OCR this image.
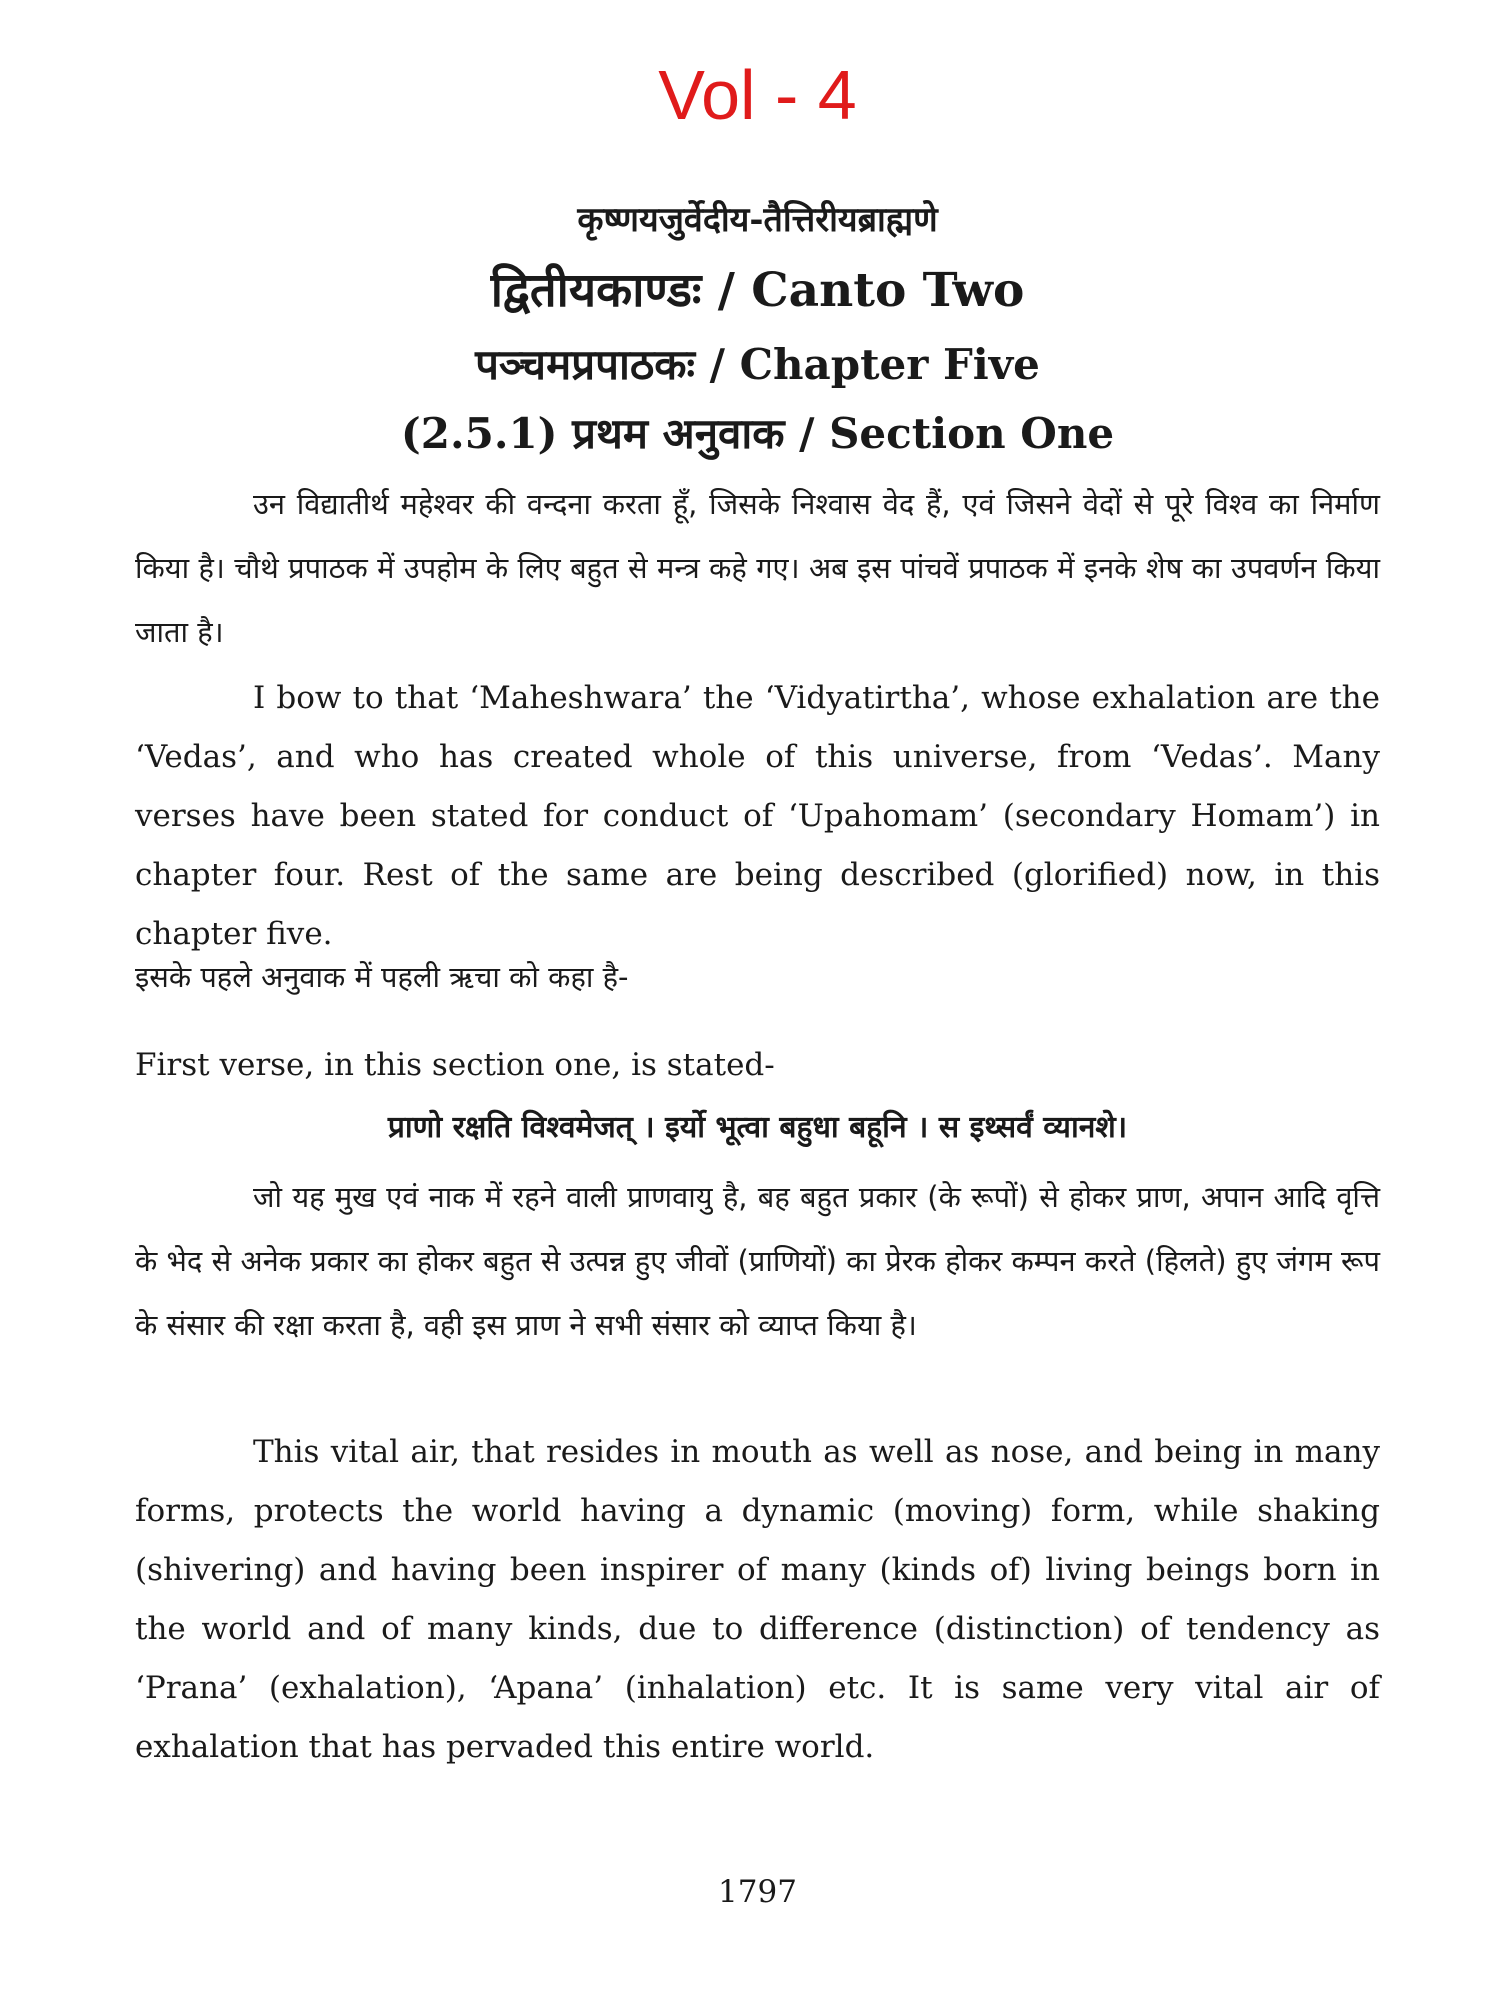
Vol - 4
कृष्णयजुर्वेदीय-तैत्तिरीयब्राह्मणे
द्वितीयकाण्डः / Canto Two
पञ्चमप्रपाठकः / Chapter Five
(2.5.1) प्रथम अनुवाक / Section One
उन विद्यातीर्थ महेश्वर की वन्दना करता हूँ, जिसके निश्वास वेद हैं, एवं जिसने वेदों से पूरे विश्व का निर्माण किया है। चौथे प्रपाठक में उपहोम के लिए बहुत से मन्त्र कहे गए। अब इस पांचवें प्रपाठक में इनके शेष का उपवर्णन किया जाता है।
I bow to that ‘Maheshwara’ the ‘Vidyatirtha’, whose exhalation are the ‘Vedas’, and who has created whole of this universe, from ‘Vedas’. Many verses have been stated for conduct of ‘Upahomam’ (secondary Homam’) in chapter four. Rest of the same are being described (glorified) now, in this chapter five.
इसके पहले अनुवाक में पहली ऋचा को कहा है-
First verse, in this section one, is stated-
प्राणो रक्षति विश्वमेजत् । इर्यो भूत्वा बहुधा बहूनि । स इथ्सर्वं व्यानशे।
जो यह मुख एवं नाक में रहने वाली प्राणवायु है, बह बहुत प्रकार (के रूपों) से होकर प्राण, अपान आदि वृत्ति के भेद से अनेक प्रकार का होकर बहुत से उत्पन्न हुए जीवों (प्राणियों) का प्रेरक होकर कम्पन करते (हिलते) हुए जंगम रूप के संसार की रक्षा करता है, वही इस प्राण ने सभी संसार को व्याप्त किया है।
This vital air, that resides in mouth as well as nose, and being in many forms, protects the world having a dynamic (moving) form, while shaking (shivering) and having been inspirer of many (kinds of) living beings born in the world and of many kinds, due to difference (distinction) of tendency as ‘Prana’ (exhalation), ‘Apana’ (inhalation) etc. It is same very vital air of exhalation that has pervaded this entire world.
1797
